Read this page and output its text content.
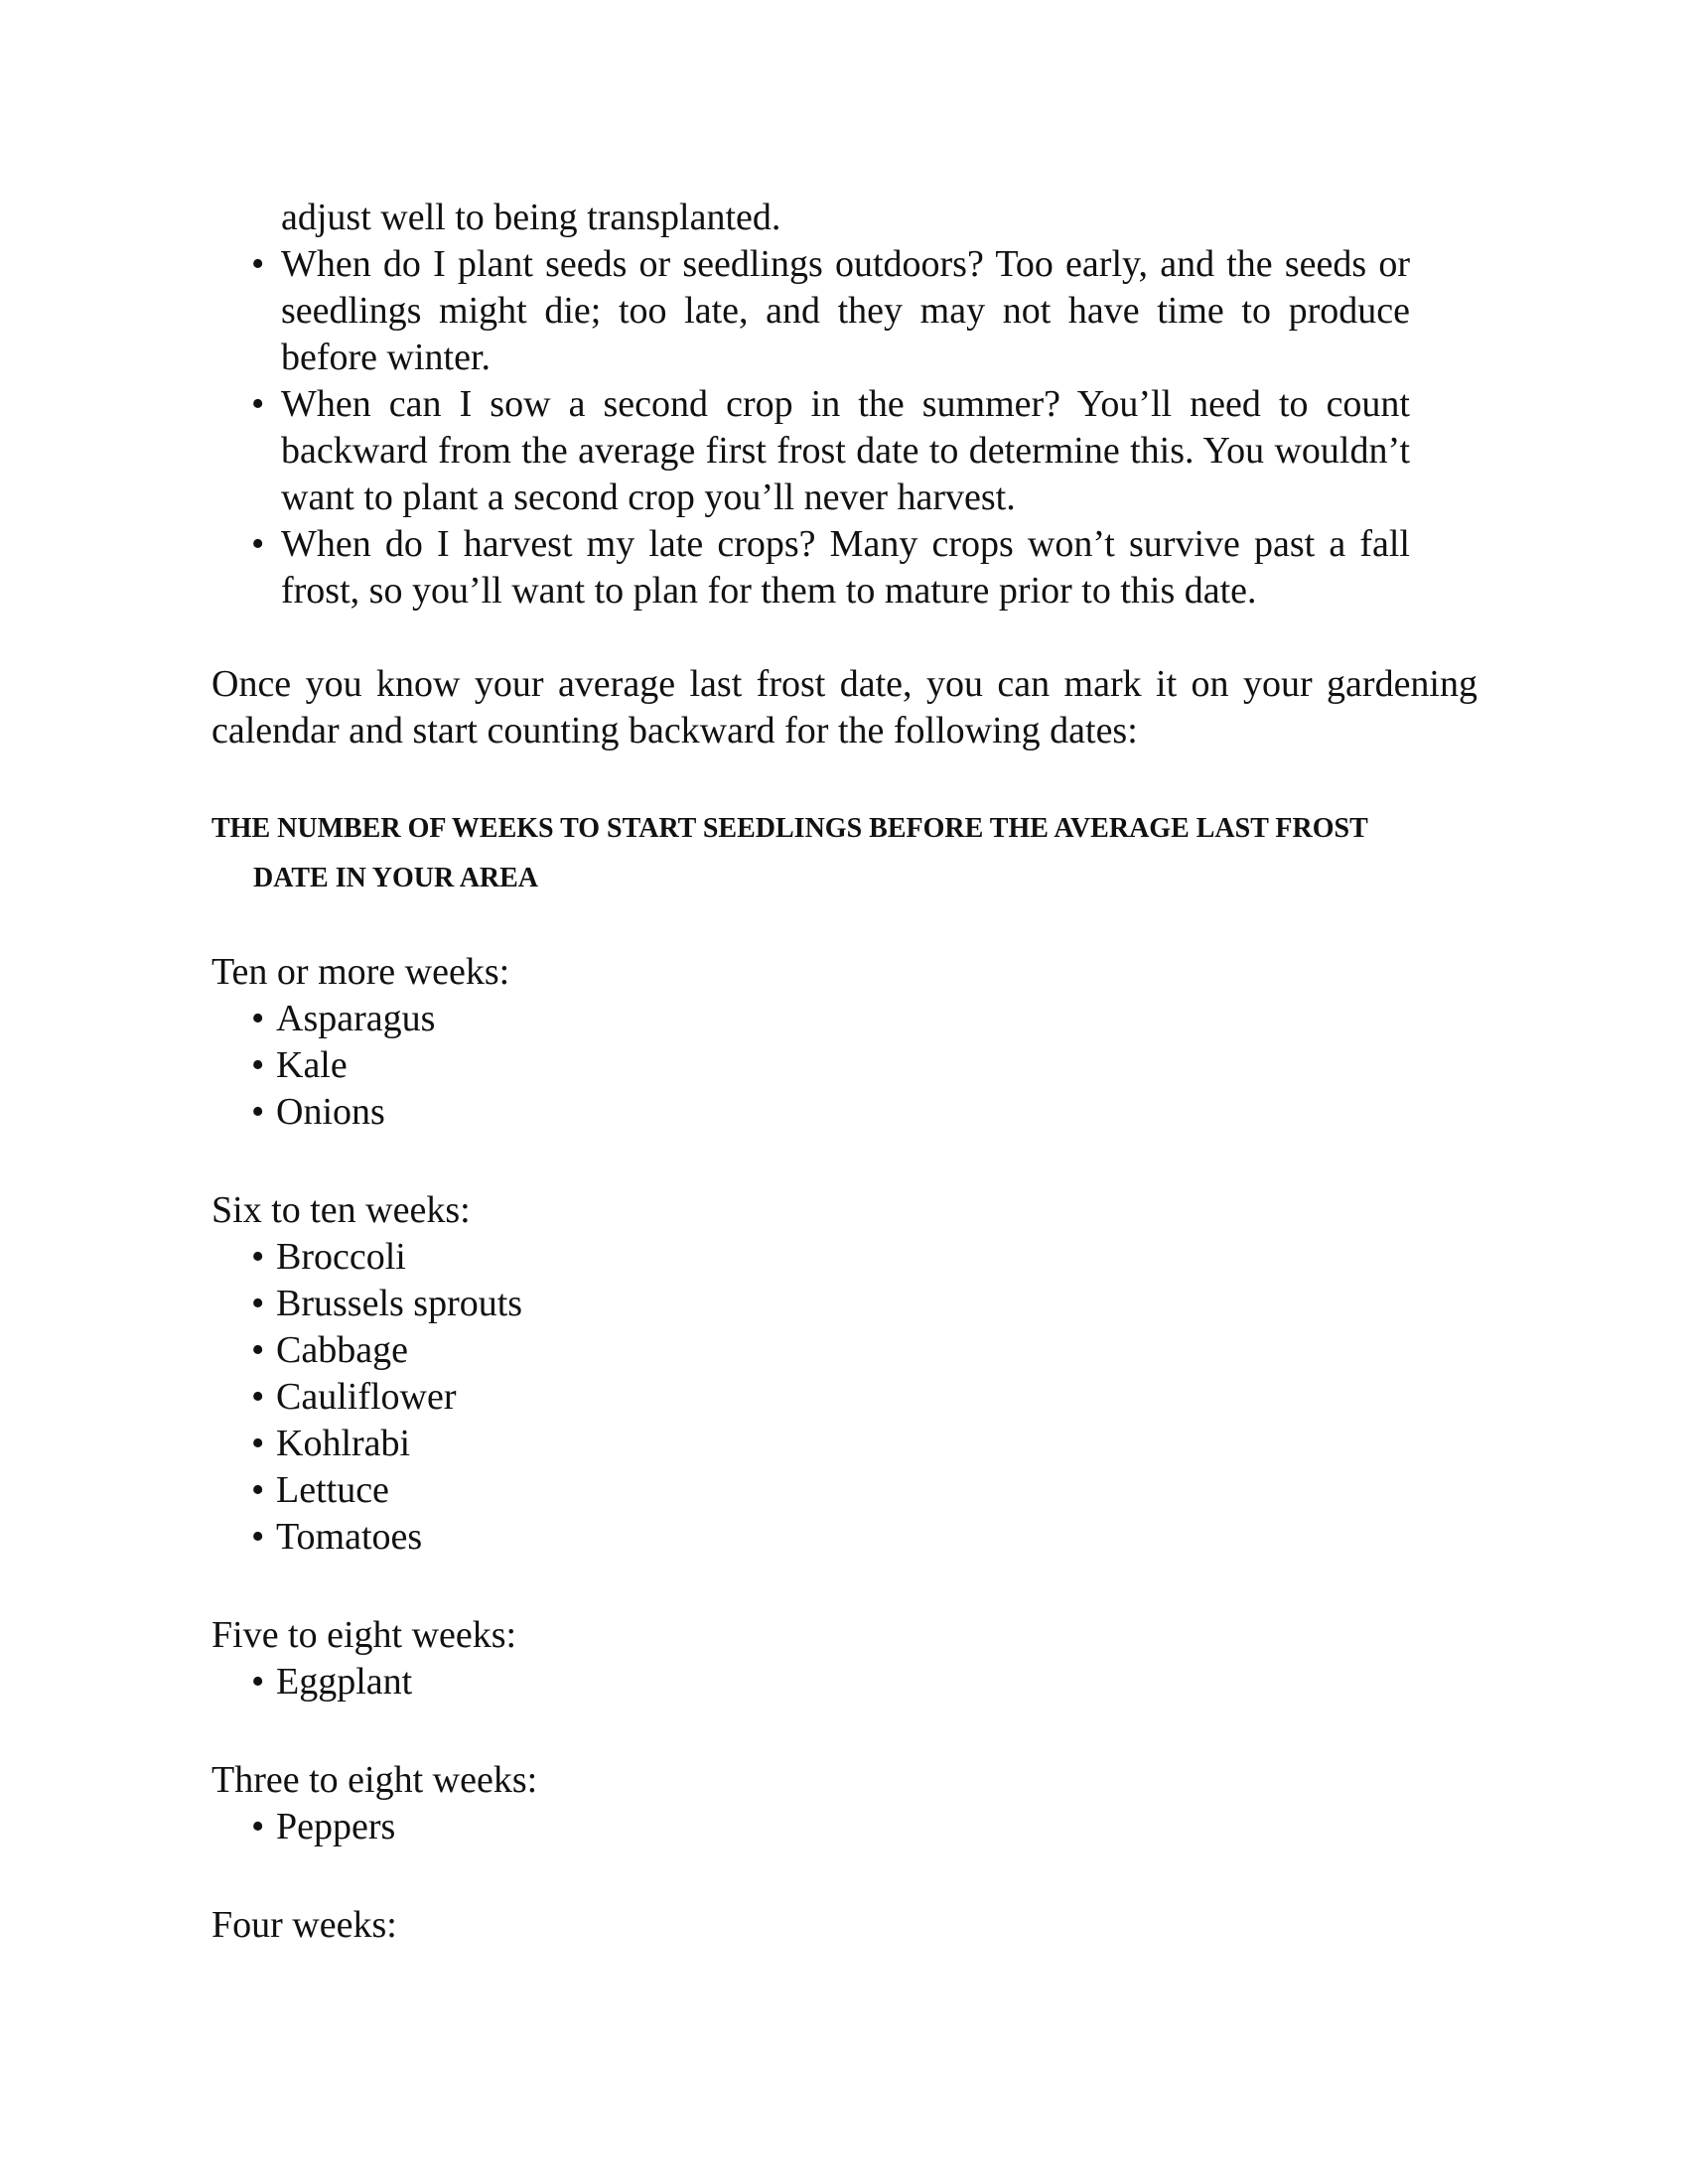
adjust well to being transplanted.
• When do I plant seeds or seedlings outdoors? Too early, and the seeds or seedlings might die; too late, and they may not have time to produce before winter.
• When can I sow a second crop in the summer? You’ll need to count backward from the average first frost date to determine this. You wouldn’t want to plant a second crop you’ll never harvest.
• When do I harvest my late crops? Many crops won’t survive past a fall frost, so you’ll want to plan for them to mature prior to this date.

Once you know your average last frost date, you can mark it on your gardening calendar and start counting backward for the following dates:

THE NUMBER OF WEEKS TO START SEEDLINGS BEFORE THE AVERAGE LAST FROST
DATE IN YOUR AREA

Ten or more weeks:

• Asparagus
• Kale
• Onions

Six to ten weeks:

• Broccoli
• Brussels sprouts
• Cabbage
• Cauliflower
• Kohlrabi
• Lettuce
• Tomatoes

Five to eight weeks:

• Eggplant

Three to eight weeks:

• Peppers

Four weeks:
